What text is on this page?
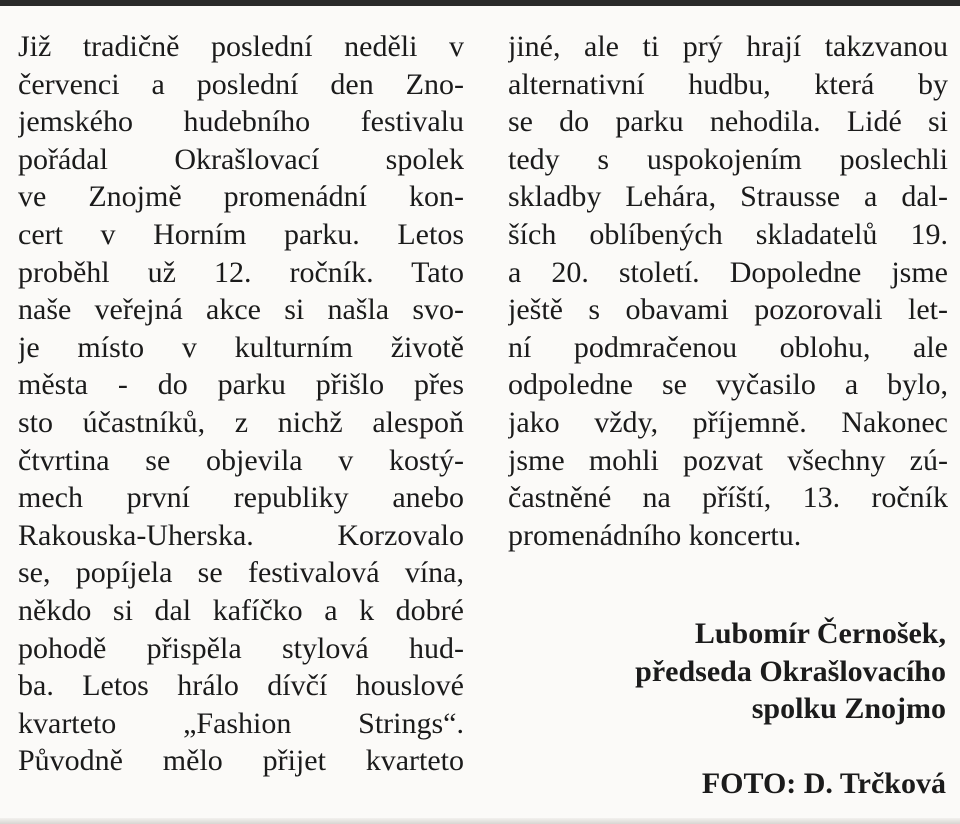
Již tradičně poslední neděli v
červenci a poslední den Zno-
jemského hudebního festivalu
pořádal Okrašlovací spolek
ve Znojmě promenádní kon-
cert v Horním parku. Letos
proběhl už 12. ročník. Tato
naše veřejná akce si našla svo-
je místo v kulturním životě
města - do parku přišlo přes
sto účastníků, z nichž alespoň
čtvrtina se objevila v kostý-
mech první republiky anebo
Rakouska-Uherska. Korzovalo
se, popíjela se festivalová vína,
někdo si dal kafíčko a k dobré
pohodě přispěla stylová hud-
ba. Letos hrálo dívčí houslové
kvarteto „Fashion Strings“.
Původně mělo přijet kvarteto
jiné, ale ti prý hrají takzvanou
alternativní hudbu, která by
se do parku nehodila. Lidé si
tedy s uspokojením poslechli
skladby Lehára, Strausse a dal-
ších oblíbených skladatelů 19.
a 20. století. Dopoledne jsme
ještě s obavami pozorovali let-
ní podmračenou oblohu, ale
odpoledne se vyčasilo a bylo,
jako vždy, příjemně. Nakonec
jsme mohli pozvat všechny zú-
častněné na příští, 13. ročník
promenádního koncertu.
Lubomír Černošek,
předseda Okrašlovacího
spolku Znojmo
FOTO: D. Trčková
